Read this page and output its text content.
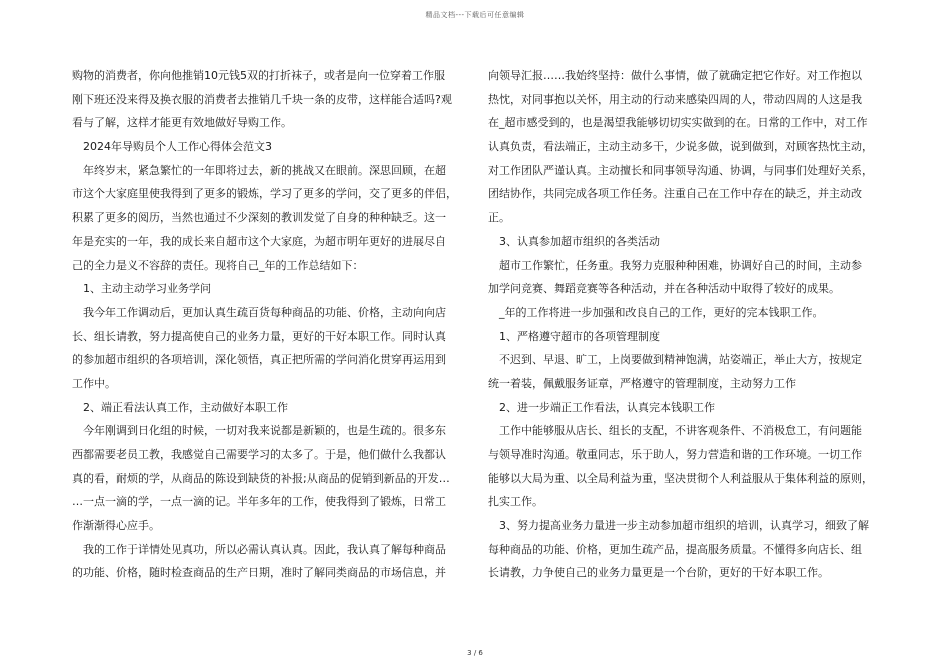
精品文档---下载后可任意编辑
购物的消费者，你向他推销10元钱5双的打折袜子，或者是向一位穿着工作服
刚下班还没来得及换衣服的消费者去推销几千块一条的皮带，这样能合适吗?观
看与了解，这样才能更有效地做好导购工作。
2024年导购员个人工作心得体会范文3
年终岁末，紧急繁忙的一年即将过去，新的挑战又在眼前。深思回顾，在超
市这个大家庭里使我得到了更多的锻炼，学习了更多的学问，交了更多的伴侣，
积累了更多的阅历，当然也通过不少深刻的教训发觉了自身的种种缺乏。这一
年是充实的一年，我的成长来自超市这个大家庭，为超市明年更好的进展尽自
己的全力是义不容辞的责任。现将自己_年的工作总结如下：
1、主动主动学习业务学问
我今年工作调动后，更加认真生疏百货每种商品的功能、价格，主动向向店
长、组长请教，努力提高使自己的业务力量，更好的干好本职工作。同时认真
的参加超市组织的各项培训，深化领悟，真正把所需的学问消化贯穿再运用到
工作中。
2、端正看法认真工作，主动做好本职工作
今年刚调到日化组的时候，一切对我来说都是新颖的，也是生疏的。很多东
西都需要老员工教，我感觉自己需要学习的太多了。于是，他们做什么我都认
真的看，耐烦的学，从商品的陈设到缺货的补报;从商品的促销到新品的开发…
…一点一滴的学，一点一滴的记。半年多年的工作，使我得到了锻炼，日常工
作渐渐得心应手。
我的工作于详情处见真功，所以必需认真认真。因此，我认真了解每种商品
的功能、价格，随时检查商品的生产日期，准时了解同类商品的市场信息，并
向领导汇报……我始终坚持：做什么事情，做了就确定把它作好。对工作抱以
热忱，对同事抱以关怀，用主动的行动来感染四周的人，带动四周的人这是我
在_超市感受到的，也是渴望我能够切切实实做到的在。日常的工作中，对工作
认真负责，看法端正，主动主动多干，少说多做，说到做到，对顾客热忱主动，
对工作团队严谨认真。主动擅长和同事领导沟通、协调，与同事们处理好关系，
团结协作，共同完成各项工作任务。注重自己在工作中存在的缺乏，并主动改
正。
3、认真参加超市组织的各类活动
超市工作繁忙，任务重。我努力克服种种困难，协调好自己的时间，主动参
加学问竞赛、舞蹈竞赛等各种活动，并在各种活动中取得了较好的成果。
_年的工作将进一步加强和改良自己的工作，更好的完本钱职工作。
1、严格遵守超市的各项管理制度
不迟到、早退、旷工，上岗要做到精神饱满，站姿端正，举止大方，按规定
统一着装，佩戴服务证章，严格遵守的管理制度，主动努力工作
2、进一步端正工作看法，认真完本钱职工作
工作中能够服从店长、组长的支配，不讲客观条件、不消极怠工，有问题能
与领导准时沟通。敬重同志，乐于助人，努力营造和谐的工作环境。一切工作
能够以大局为重、以全局利益为重，坚决贯彻个人利益服从于集体利益的原则，
扎实工作。
3、努力提高业务力量进一步主动参加超市组织的培训，认真学习，细致了解
每种商品的功能、价格，更加生疏产品，提高服务质量。不懂得多向店长、组
长请教，力争使自己的业务力量更是一个台阶，更好的干好本职工作。
3 / 6
